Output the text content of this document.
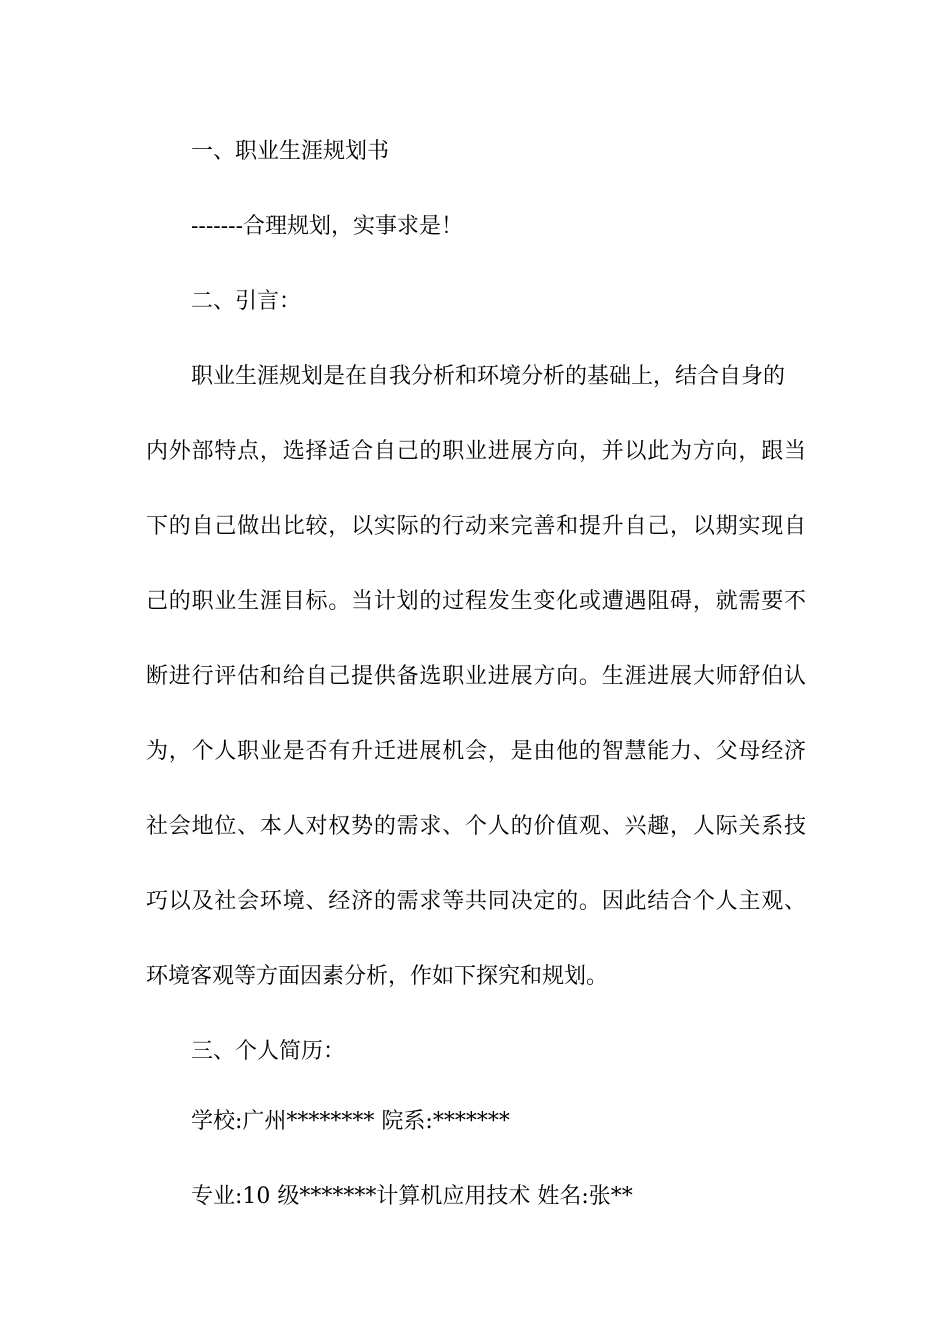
一、职业生涯规划书
-------合理规划，实事求是！
二、引言：
职业生涯规划是在自我分析和环境分析的基础上，结合自身的
内外部特点，选择适合自己的职业进展方向，并以此为方向，跟当
下的自己做出比较，以实际的行动来完善和提升自己，以期实现自
己的职业生涯目标。当计划的过程发生变化或遭遇阻碍，就需要不
断进行评估和给自己提供备选职业进展方向。生涯进展大师舒伯认
为，个人职业是否有升迁进展机会，是由他的智慧能力、父母经济
社会地位、本人对权势的需求、个人的价值观、兴趣，人际关系技
巧以及社会环境、经济的需求等共同决定的。因此结合个人主观、
环境客观等方面因素分析，作如下探究和规划。
三、个人简历：
学校:广州******** 院系:*******
专业:10 级*******计算机应用技术 姓名:张**
